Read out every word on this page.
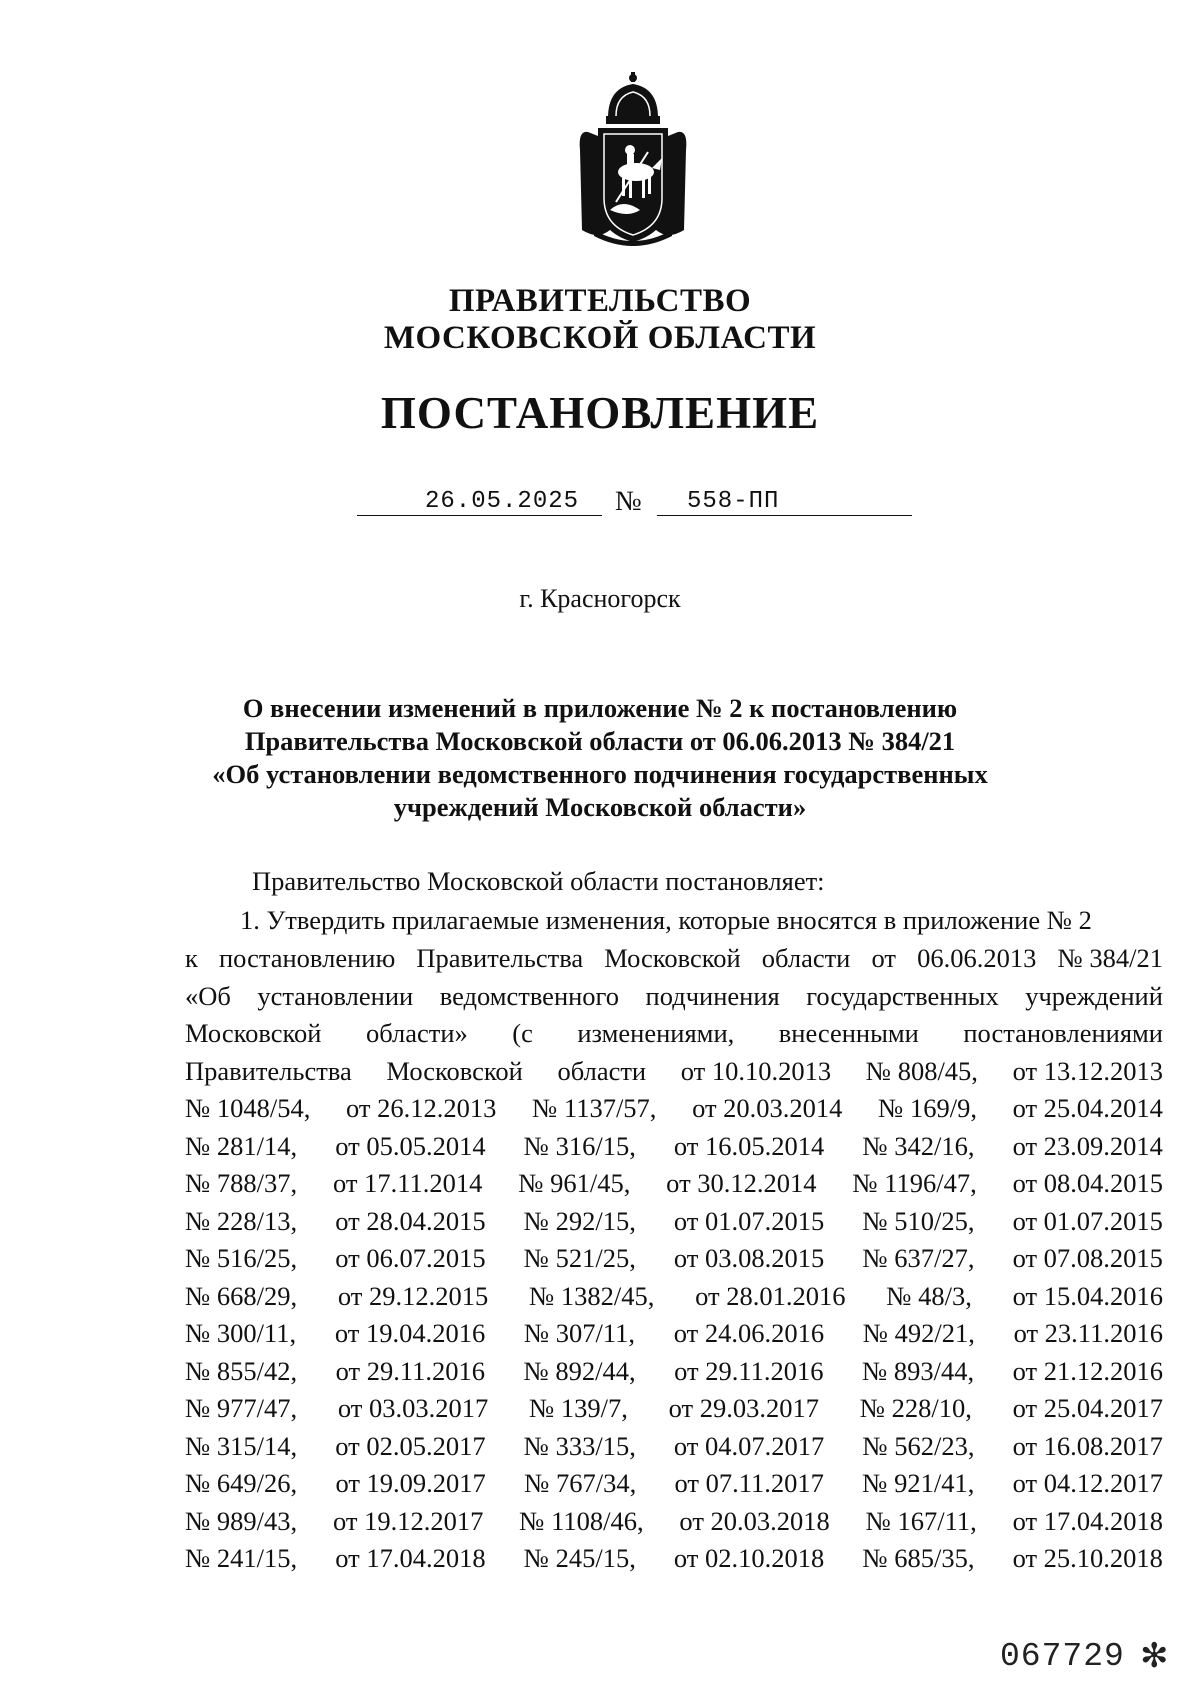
ПРАВИТЕЛЬСТВО
МОСКОВСКОЙ ОБЛАСТИ
ПОСТАНОВЛЕНИЕ
26.05.2025 № 558-ПП
г. Красногорск
О внесении изменений в приложение № 2 к постановлению
Правительства Московской области от 06.06.2013 № 384/21
«Об установлении ведомственного подчинения государственных
учреждений Московской области»
Правительство Московской области постановляет:
1. Утвердить прилагаемые изменения, которые вносятся в приложение № 2
к постановлению Правительства Московской области от 06.06.2013 № 384/21
«Об установлении ведомственного подчинения государственных учреждений
Московской области» (с изменениями, внесенными постановлениями
Правительства Московской области от 10.10.2013 № 808/45, от 13.12.2013
№ 1048/54, от 26.12.2013 № 1137/57, от 20.03.2014 № 169/9, от 25.04.2014
№ 281/14, от 05.05.2014 № 316/15, от 16.05.2014 № 342/16, от 23.09.2014
№ 788/37, от 17.11.2014 № 961/45, от 30.12.2014 № 1196/47, от 08.04.2015
№ 228/13, от 28.04.2015 № 292/15, от 01.07.2015 № 510/25, от 01.07.2015
№ 516/25, от 06.07.2015 № 521/25, от 03.08.2015 № 637/27, от 07.08.2015
№ 668/29, от 29.12.2015 № 1382/45, от 28.01.2016 № 48/3, от 15.04.2016
№ 300/11, от 19.04.2016 № 307/11, от 24.06.2016 № 492/21, от 23.11.2016
№ 855/42, от 29.11.2016 № 892/44, от 29.11.2016 № 893/44, от 21.12.2016
№ 977/47, от 03.03.2017 № 139/7, от 29.03.2017 № 228/10, от 25.04.2017
№ 315/14, от 02.05.2017 № 333/15, от 04.07.2017 № 562/23, от 16.08.2017
№ 649/26, от 19.09.2017 № 767/34, от 07.11.2017 № 921/41, от 04.12.2017
№ 989/43, от 19.12.2017 № 1108/46, от 20.03.2018 № 167/11, от 17.04.2018
№ 241/15, от 17.04.2018 № 245/15, от 02.10.2018 № 685/35, от 25.10.2018
067729 ✻
